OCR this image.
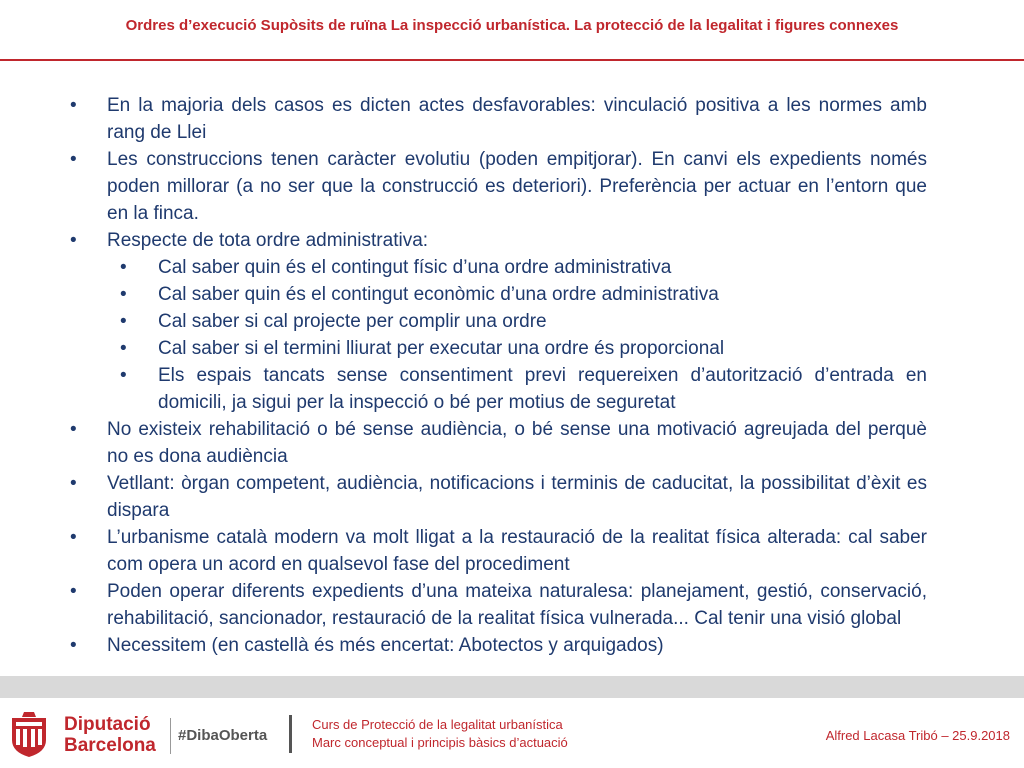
Ordres d’execució Supòsits de ruïna La inspecció urbanística. La protecció de la legalitat i figures connexes

• En la majoria dels casos es dicten actes desfavorables: vinculació positiva a les normes amb rang de Llei

• Les construccions tenen caràcter evolutiu (poden empitjorar). En canvi els expedients només poden millorar (a no ser que la construcció es deteriori). Preferència per actuar en l’entorn que en la finca.

• Respecte de tota ordre administrativa:

• Cal saber quin és el contingut físic d’una ordre administrativa

• Cal saber quin és el contingut econòmic d’una ordre administrativa

• Cal saber si cal projecte per complir una ordre

• Cal saber si el termini lliurat per executar una ordre és proporcional

• Els espais tancats sense consentiment previ requereixen d’autorització d’entrada en domicili, ja sigui per la inspecció o bé per motius de seguretat

• No existeix rehabilitació o bé sense audiència, o bé sense una motivació agreujada del perquè no es dona audiència

• Vetllant: òrgan competent, audiència, notificacions i terminis de caducitat, la possibilitat d’èxit es dispara

• L’urbanisme català modern va molt lligat a la restauració de la realitat física alterada: cal saber com opera un acord en qualsevol fase del procediment

• Poden operar diferents expedients d’una mateixa naturalesa: planejament, gestió, conservació, rehabilitació, sancionador, restauració de la realitat física vulnerada... Cal tenir una visió global

• Necessitem (en castellà és més encertat: Abotectos y arquigados)

Diputació
Barcelona #DibaOberta
Curs de Protecció de la legalitat urbanística
Marc conceptual i principis bàsics d’actuació	Alfred Lacasa Tribó – 25.9.2018
